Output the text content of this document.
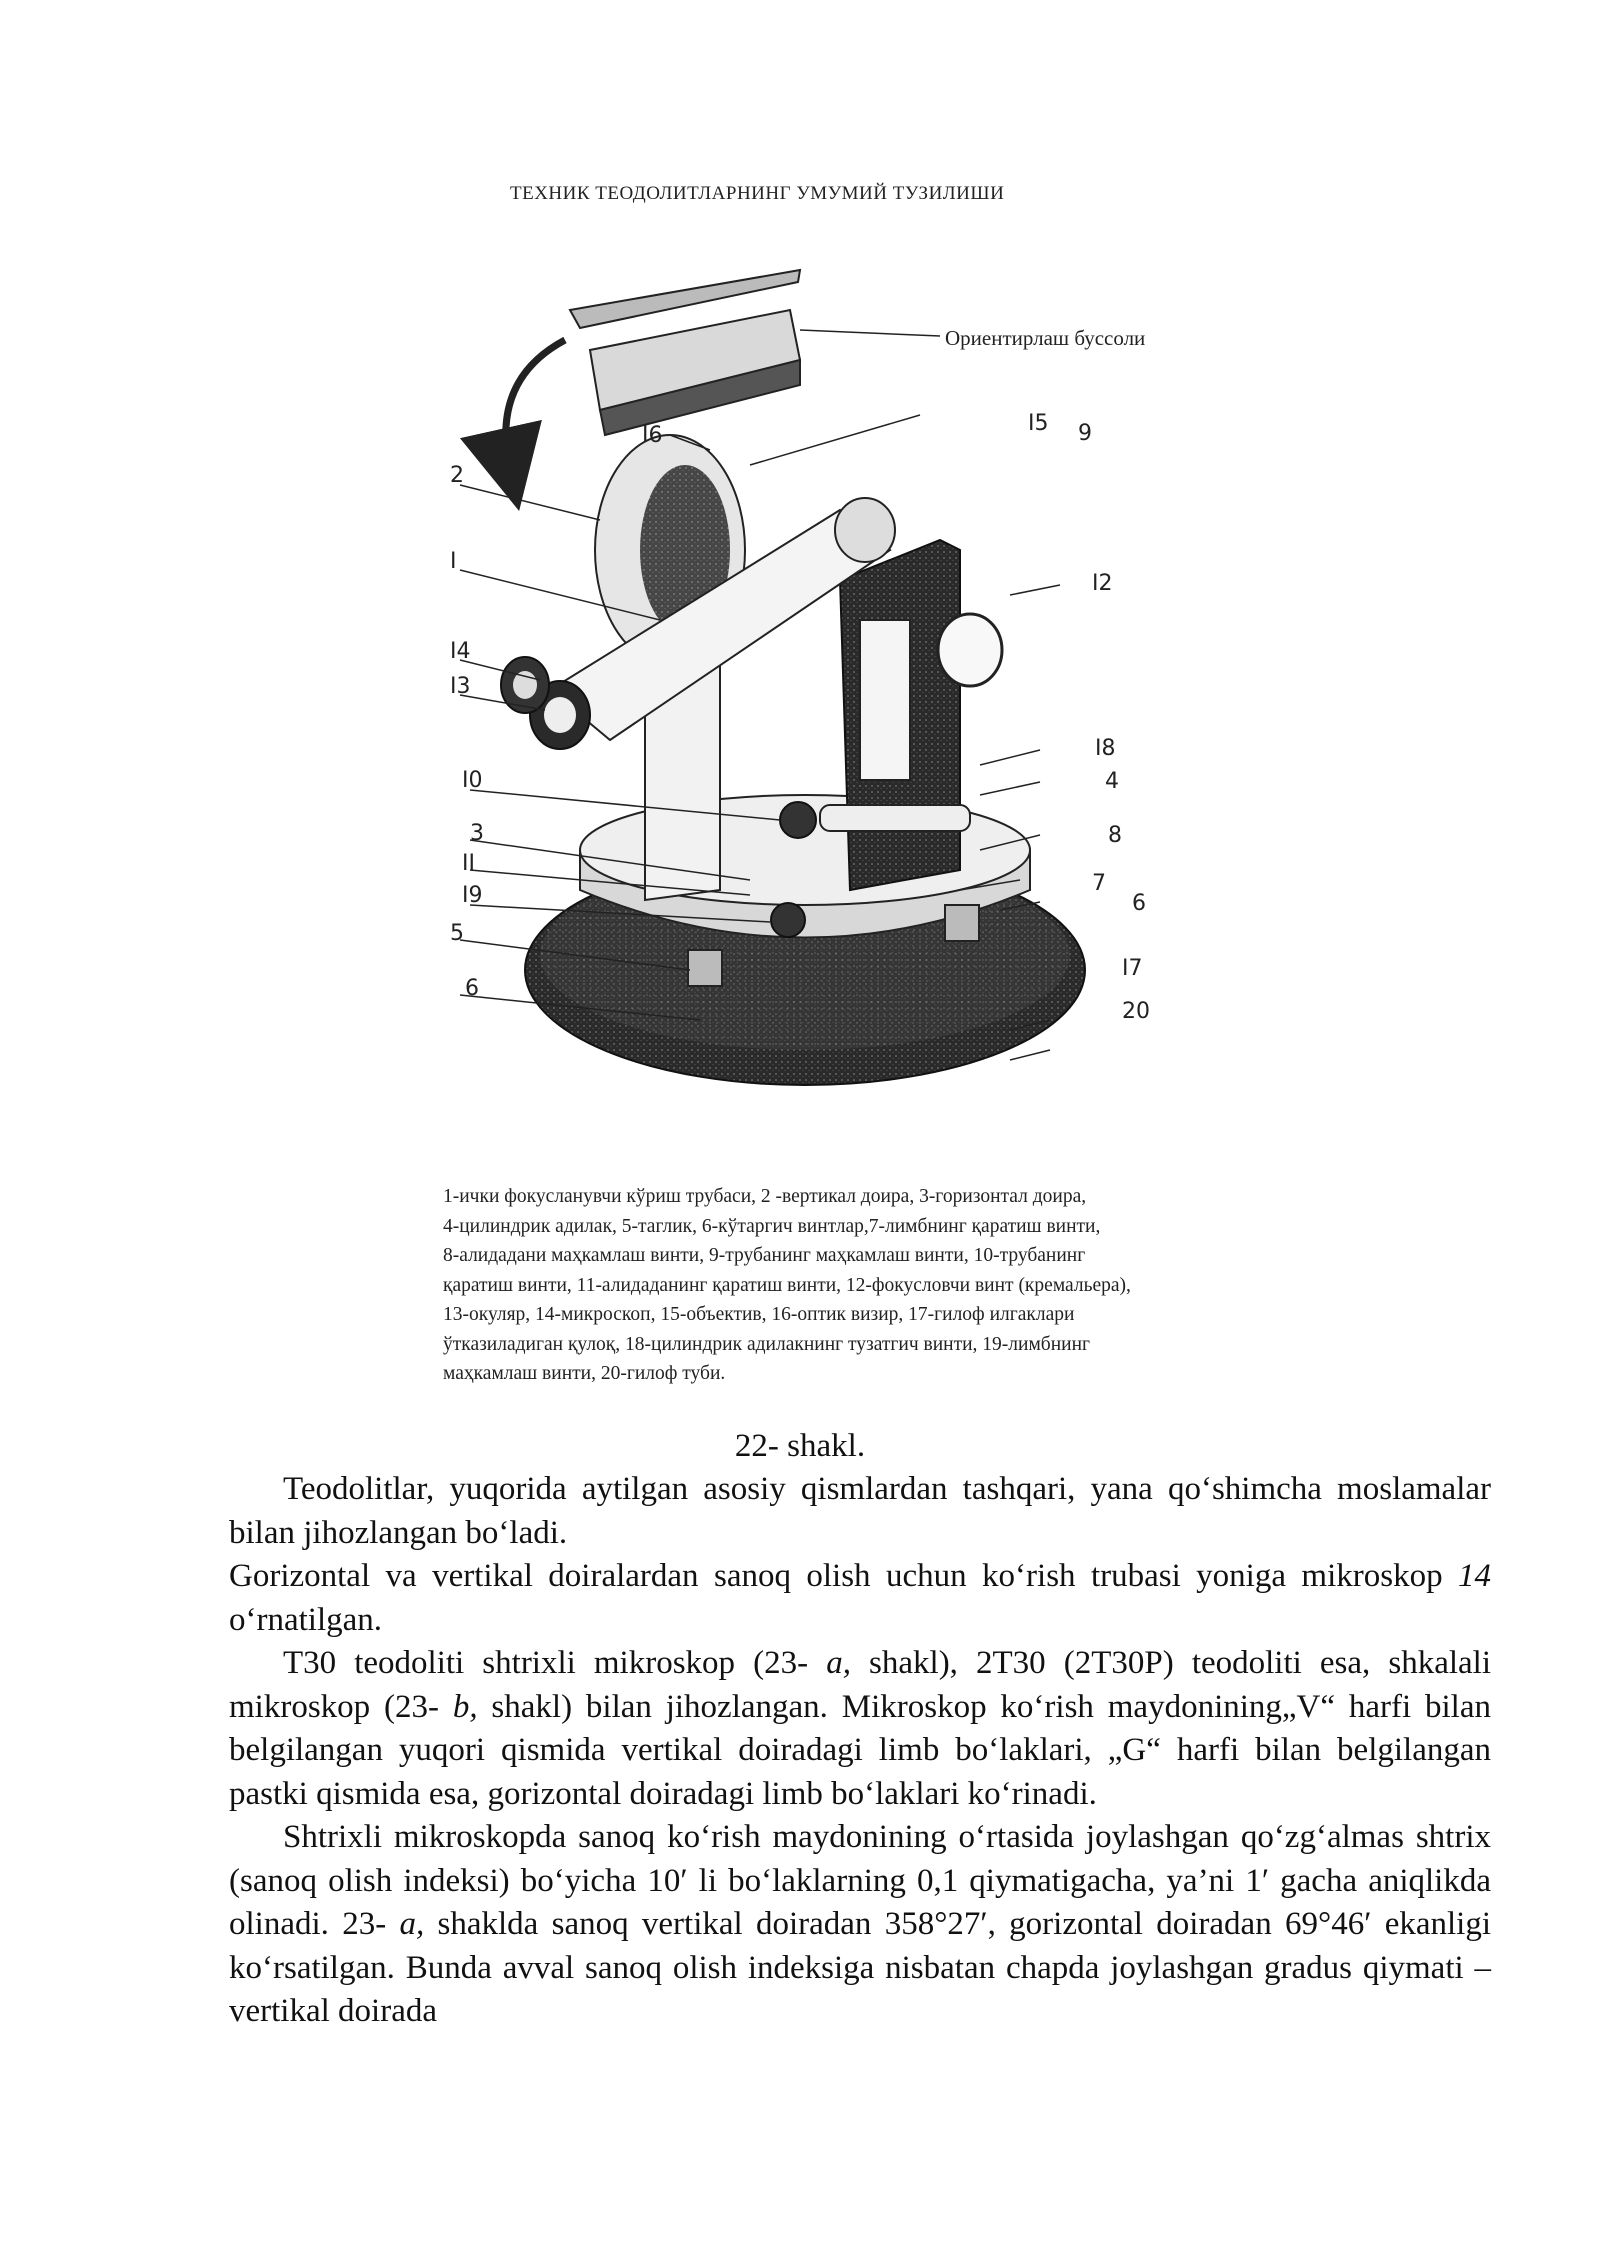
ТЕХНИК ТЕОДОЛИТЛАРНИНГ УМУМИЙ ТУЗИЛИШИ
Ориентирлаш буссоли
I6	I5 9
2
I
I2
I4
I3
I8
4
I0
8
3
II
7
6
I9
5
6
I7
20
1-ички фокусланувчи кўриш трубаси, 2 -вертикал доира, 3-горизонтал доира,
4-цилиндрик адилак, 5-таглик, 6-кўтаргич винтлар,7-лимбнинг қаратиш винти,
8-алидадани маҳкамлаш винти, 9-трубанинг маҳкамлаш винти, 10-трубанинг
қаратиш винти, 11-алидаданинг қаратиш винти, 12-фокусловчи винт (кремальера),
13-окуляр, 14-микроскоп, 15-объектив, 16-оптик визир, 17-гилоф илгаклари
ўтказиладиган қулоқ, 18-цилиндрик адилакнинг тузатгич винти, 19-лимбнинг
маҳкамлаш винти, 20-гилоф туби.
22- shakl.

Teodolitlar, yuqorida aytilgan asosiy qismlardan tashqari, yana qo‘shimcha moslamalar bilan jihozlangan bo‘ladi.

Gorizontal va vertikal doiralardan sanoq olish uchun ko‘rish trubasi yoniga mikroskop 14 o‘rnatilgan.

T30 teodoliti shtrixli mikroskop (23- a, shakl), 2T30 (2T30P) teodoliti esa, shkalali mikroskop (23- b, shakl) bilan jihozlangan. Mikroskop ko‘rish maydonining„V“ harfi bilan belgilangan yuqori qismida vertikal doiradagi limb bo‘laklari, „G“ harfi bilan belgilangan pastki qismida esa, gorizontal doiradagi limb bo‘laklari ko‘rinadi.

Shtrixli mikroskopda sanoq ko‘rish maydonining o‘rtasida joylashgan qo‘zg‘almas shtrix (sanoq olish indeksi) bo‘yicha 10′ li bo‘laklarning 0,1 qiymatigacha, ya’ni 1′ gacha aniqlikda olinadi. 23- a, shaklda sanoq vertikal doiradan 358°27′, gorizontal doiradan 69°46′ ekanligi ko‘rsatilgan. Bunda avval sanoq olish indeksiga nisbatan chapda joylashgan gradus qiymati – vertikal doirada
